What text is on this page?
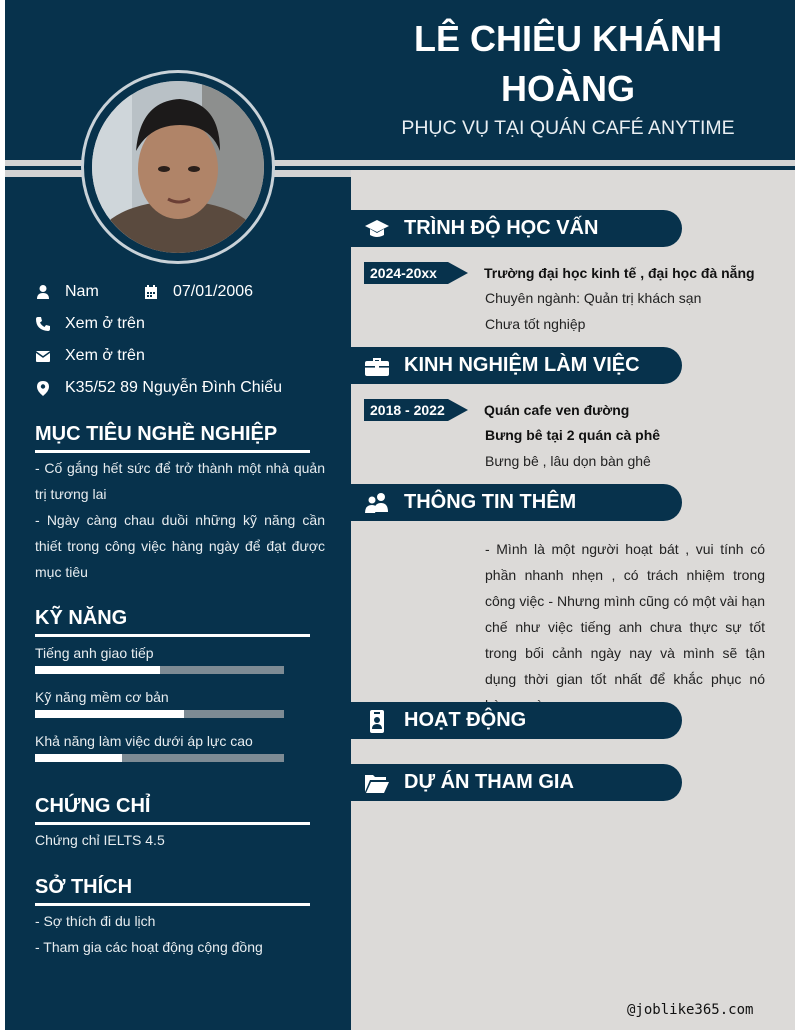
LÊ CHIÊU KHÁNH
HOÀNG
PHỤC VỤ TẠI QUÁN CAFÉ ANYTIME
Nam	07/01/2006
Xem ở trên
Xem ở trên
K35/52 89 Nguyễn Đình Chiểu
MỤC TIÊU NGHỀ NGHIỆP
- Cố gắng hết sức để trở thành một nhà quản trị tương lai
- Ngày càng chau duồi những kỹ năng cần thiết trong công việc hàng ngày để đạt được mục tiêu
KỸ NĂNG
Tiếng anh giao tiếp
Kỹ năng mềm cơ bản
Khả năng làm việc dưới áp lực cao
CHỨNG CHỈ
Chứng chỉ IELTS 4.5
SỞ THÍCH
- Sợ thích đi du lịch
- Tham gia các hoạt động cộng đồng
TRÌNH ĐỘ HỌC VẤN
2024-20xx	Trường đại học kinh tế , đại học đà nẵng
Chuyên ngành: Quản trị khách sạn
Chưa tốt nghiệp
KINH NGHIỆM LÀM VIỆC
2018 - 2022	Quán cafe ven đường
Bưng bê tại 2 quán cà phê
Bưng bê , lâu dọn bàn ghê
THÔNG TIN THÊM
- Mình là một người hoạt bát , vui tính có phần nhanh nhẹn , có trách nhiệm trong công việc - Nhưng mình cũng có một vài hạn chế như việc tiếng anh chưa thực sự tốt trong bối cảnh ngày nay và mình sẽ tận dụng thời gian tốt nhất để khắc phục nó
HOẠT ĐỘNG
DỰ ÁN THAM GIA
@joblike365.com
